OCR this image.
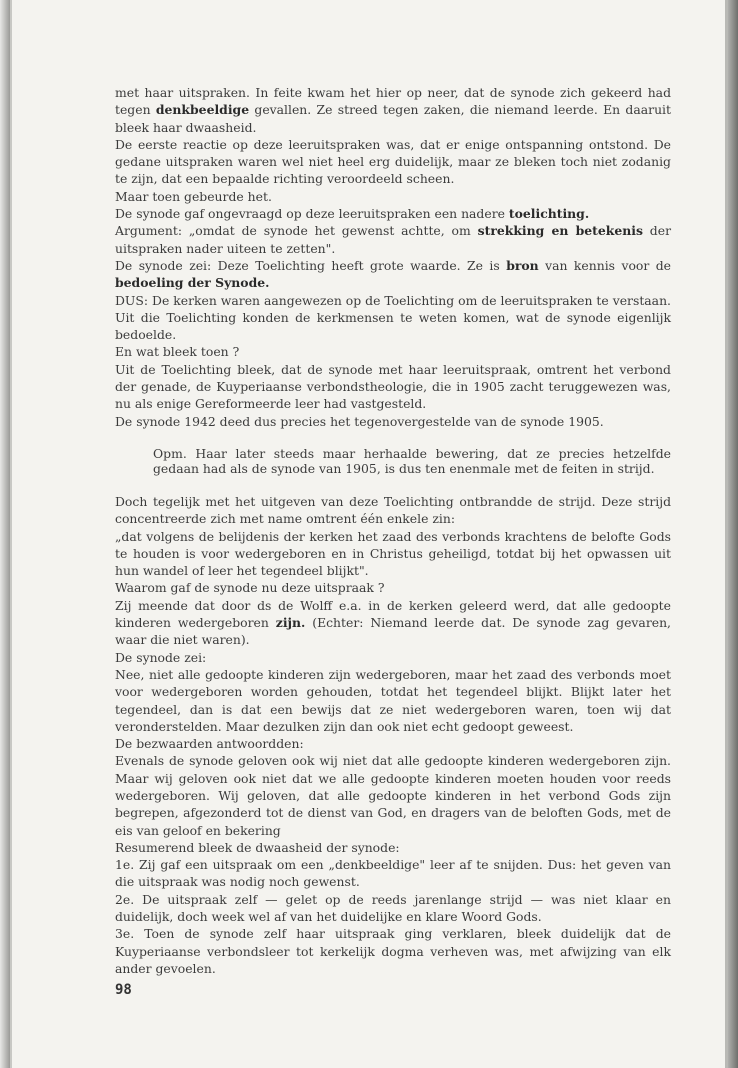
met haar uitspraken. In feite kwam het hier op neer, dat de synode zich gekeerd had tegen denkbeeldige gevallen. Ze streed tegen zaken, die niemand leerde. En daaruit bleek haar dwaasheid.

De eerste reactie op deze leeruitspraken was, dat er enige ontspanning ontstond. De gedane uitspraken waren wel niet heel erg duidelijk, maar ze bleken toch niet zodanig te zijn, dat een bepaalde richting veroordeeld scheen.

Maar toen gebeurde het.

De synode gaf ongevraagd op deze leeruitspraken een nadere toelichting.

Argument: „omdat de synode het gewenst achtte, om strekking en betekenis der uitspraken nader uiteen te zetten".

De synode zei: Deze Toelichting heeft grote waarde. Ze is bron van kennis voor de bedoeling der Synode.

DUS: De kerken waren aangewezen op de Toelichting om de leeruitspraken te verstaan. Uit die Toelichting konden de kerkmensen te weten komen, wat de synode eigenlijk bedoelde.

En wat bleek toen ?

Uit de Toelichting bleek, dat de synode met haar leeruitspraak, omtrent het verbond der genade, de Kuyperiaanse verbondstheologie, die in 1905 zacht teruggewezen was, nu als enige Gereformeerde leer had vastgesteld.

De synode 1942 deed dus precies het tegenovergestelde van de synode 1905.

Opm. Haar later steeds maar herhaalde bewering, dat ze precies hetzelfde gedaan had als de synode van 1905, is dus ten enenmale met de feiten in strijd.

Doch tegelijk met het uitgeven van deze Toelichting ontbrandde de strijd. Deze strijd concentreerde zich met name omtrent één enkele zin:

„dat volgens de belijdenis der kerken het zaad des verbonds krachtens de belofte Gods te houden is voor wedergeboren en in Christus geheiligd, totdat bij het opwassen uit hun wandel of leer het tegendeel blijkt".

Waarom gaf de synode nu deze uitspraak ?

Zij meende dat door ds de Wolff e.a. in de kerken geleerd werd, dat alle gedoopte kinderen wedergeboren zijn. (Echter: Niemand leerde dat. De synode zag gevaren, waar die niet waren).

De synode zei:

Nee, niet alle gedoopte kinderen zijn wedergeboren, maar het zaad des verbonds moet voor wedergeboren worden gehouden, totdat het tegendeel blijkt. Blijkt later het tegendeel, dan is dat een bewijs dat ze niet wedergeboren waren, toen wij dat veronderstelden. Maar dezulken zijn dan ook niet echt gedoopt geweest.

De bezwaarden antwoordden:

Evenals de synode geloven ook wij niet dat alle gedoopte kinderen wedergeboren zijn. Maar wij geloven ook niet dat we alle gedoopte kinderen moeten houden voor reeds wedergeboren. Wij geloven, dat alle gedoopte kinderen in het verbond Gods zijn begrepen, afgezonderd tot de dienst van God, en dragers van de beloften Gods, met de eis van geloof en bekering

Resumerend bleek de dwaasheid der synode:

1e. Zij gaf een uitspraak om een „denkbeeldige" leer af te snijden. Dus: het geven van die uitspraak was nodig noch gewenst.

2e. De uitspraak zelf — gelet op de reeds jarenlange strijd — was niet klaar en duidelijk, doch week wel af van het duidelijke en klare Woord Gods.

3e. Toen de synode zelf haar uitspraak ging verklaren, bleek duidelijk dat de Kuyperiaanse verbondsleer tot kerkelijk dogma verheven was, met afwijzing van elk ander gevoelen.

98
